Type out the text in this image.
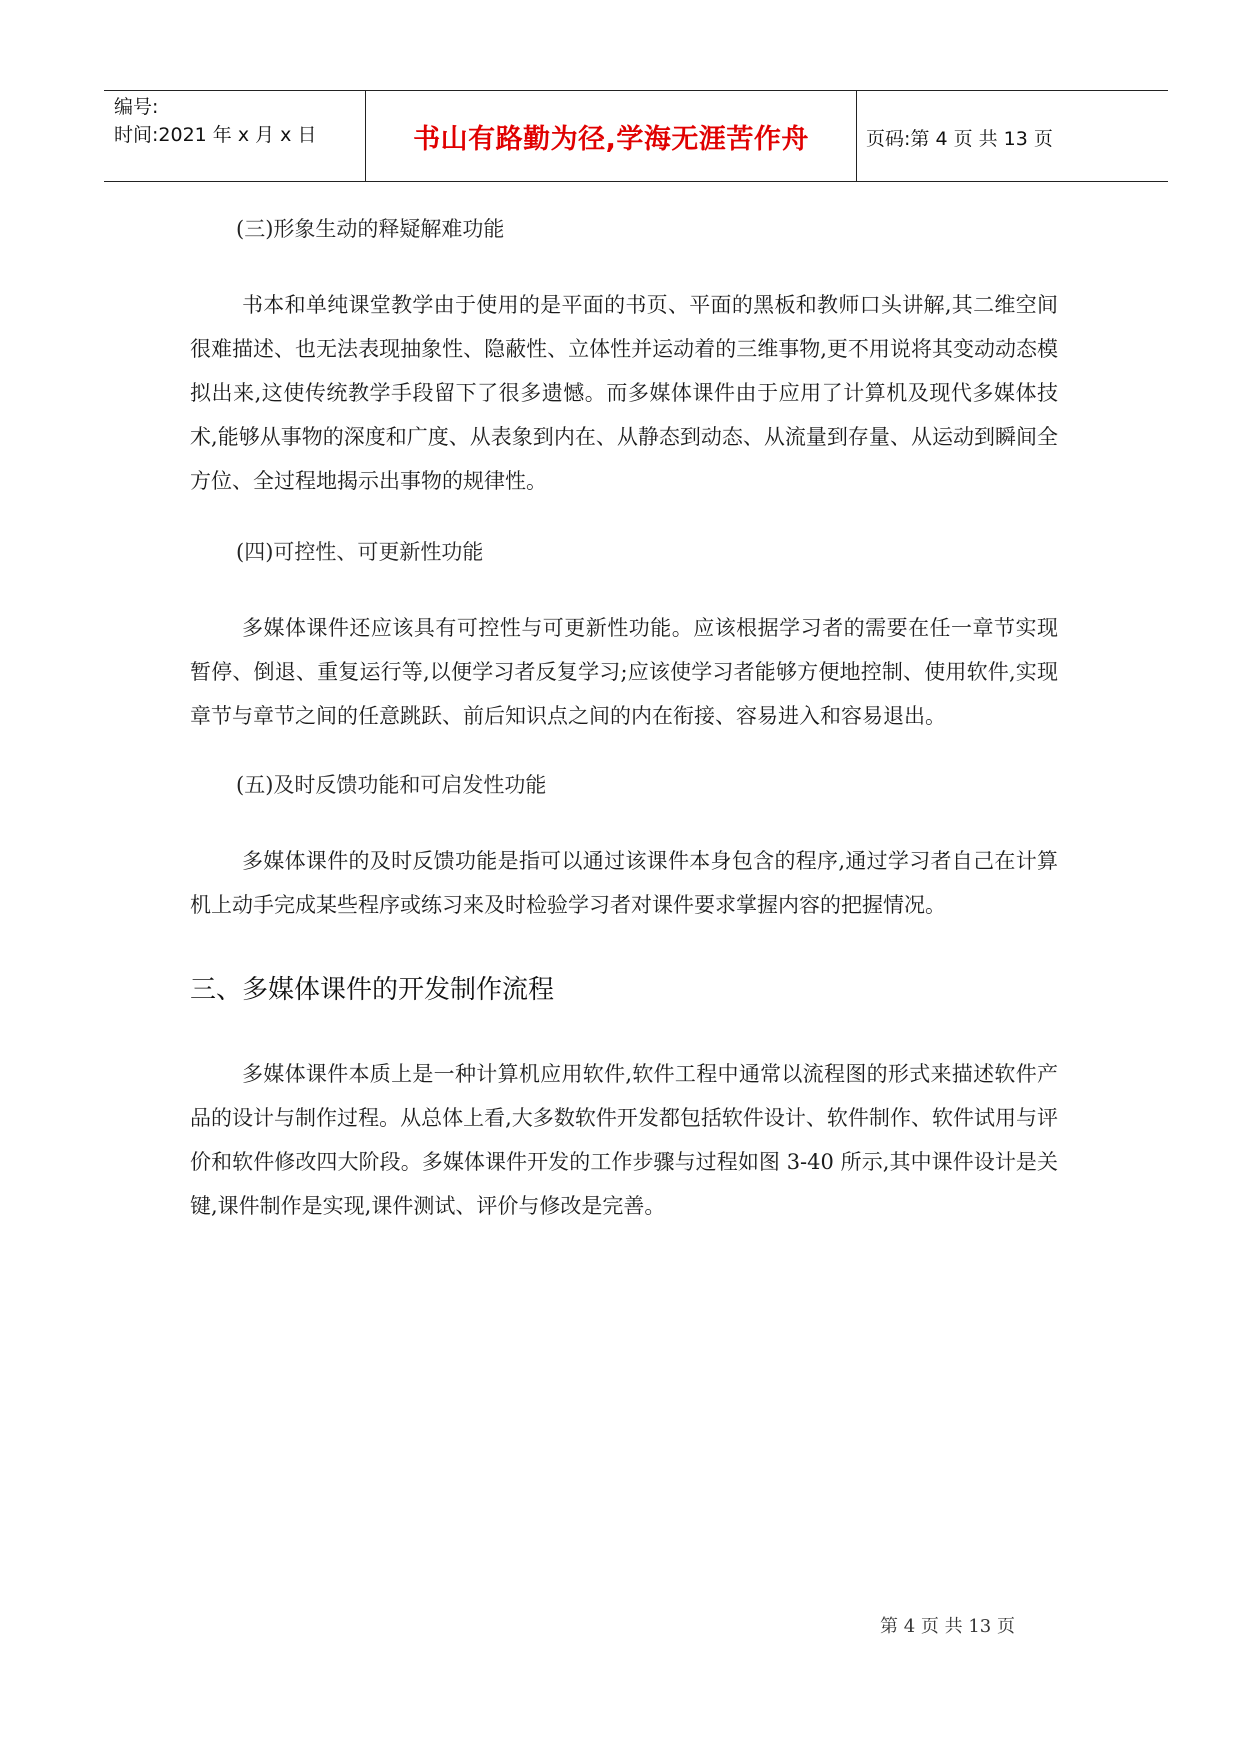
编号:
时间:2021 年 x 月 x 日	书山有路勤为径,学海无涯苦作舟	页码:第 4 页 共 13 页

(三)形象生动的释疑解难功能

书本和单纯课堂教学由于使用的是平面的书页、平面的黑板和教师口头讲解,其二维空间很难描述、也无法表现抽象性、隐蔽性、立体性并运动着的三维事物,更不用说将其变动动态模拟出来,这使传统教学手段留下了很多遗憾。而多媒体课件由于应用了计算机及现代多媒体技术,能够从事物的深度和广度、从表象到内在、从静态到动态、从流量到存量、从运动到瞬间全方位、全过程地揭示出事物的规律性。

(四)可控性、可更新性功能

多媒体课件还应该具有可控性与可更新性功能。应该根据学习者的需要在任一章节实现暂停、倒退、重复运行等,以便学习者反复学习;应该使学习者能够方便地控制、使用软件,实现章节与章节之间的任意跳跃、前后知识点之间的内在衔接、容易进入和容易退出。

(五)及时反馈功能和可启发性功能

多媒体课件的及时反馈功能是指可以通过该课件本身包含的程序,通过学习者自己在计算机上动手完成某些程序或练习来及时检验学习者对课件要求掌握内容的把握情况。

三、多媒体课件的开发制作流程

多媒体课件本质上是一种计算机应用软件,软件工程中通常以流程图的形式来描述软件产品的设计与制作过程。从总体上看,大多数软件开发都包括软件设计、软件制作、软件试用与评价和软件修改四大阶段。多媒体课件开发的工作步骤与过程如图 3-40 所示,其中课件设计是关键,课件制作是实现,课件测试、评价与修改是完善。

第 4 页 共 13 页
